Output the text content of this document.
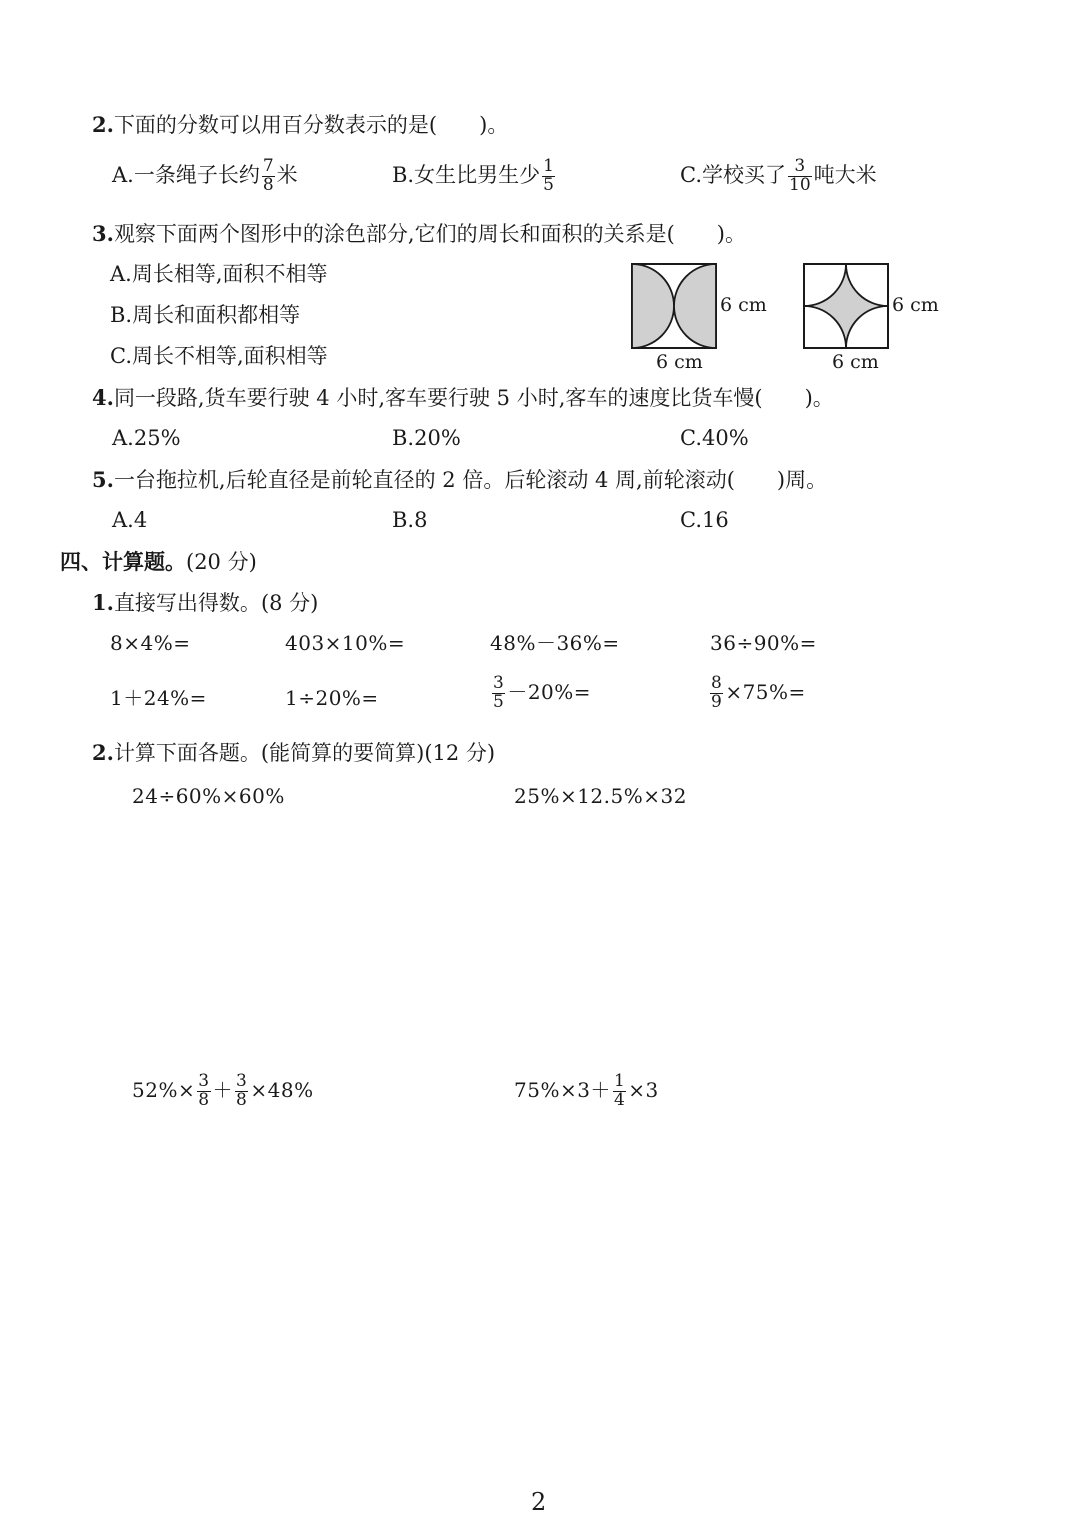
2.下面的分数可以用百分数表示的是(　　)。
A.一条绳子长约 $\frac{7}{8}$ 米	B.女生比男生少 $\frac{1}{5}$	C.学校买了 $\frac{3}{10}$ 吨大米
3.观察下面两个图形中的涂色部分,它们的周长和面积的关系是(　　)。
A.周长相等,面积不相等
B.周长和面积都相等
C.周长不相等,面积相等
6 cm
6 cm
6 cm
6 cm
4.同一段路,货车要行驶 4 小时,客车要行驶 5 小时,客车的速度比货车慢(　　)。
A.25%	B.20%	C.40%
5.一台拖拉机,后轮直径是前轮直径的 2 倍。后轮滚动 4 周,前轮滚动(　　)周。
A.4	B.8	C.16
四、计算题。(20 分)
1.直接写出得数。(8 分)
8×4%=	403×10%=	48%－36%=	36÷90%=
1＋24%=	1÷20%=	$\frac{3}{5} -20\%=$	$\frac{8}{9} \times 75\%=$
2.计算下面各题。(能简算的要简算)(12 分)
24÷60%×60%	25%×12.5%×32
$52\%\times \frac{3}{8} + \frac{3}{8} \times 48\%$	$75\%\times 3+ \frac{1}{4} \times 3$
2
